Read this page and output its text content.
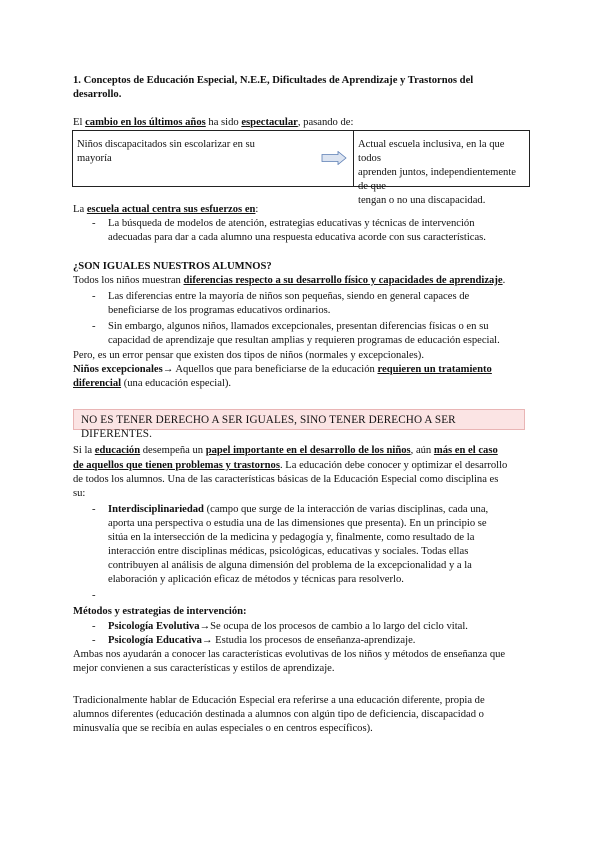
1. Conceptos de Educación Especial, N.E.E, Dificultades de Aprendizaje y Trastornos del
desarrollo.
El cambio en los últimos años ha sido espectacular, pasando de:
Niños discapacitados sin escolarizar en su
mayoría
Actual escuela inclusiva, en la que todos
aprenden juntos, independientemente de que
tengan o no una discapacidad.
La escuela actual centra sus esfuerzos en:
- La búsqueda de modelos de atención, estrategias educativas y técnicas de intervención
adecuadas para dar a cada alumno una respuesta educativa acorde con sus características.
¿SON IGUALES NUESTROS ALUMNOS?
Todos los niños muestran diferencias respecto a su desarrollo físico y capacidades de aprendizaje.
- Las diferencias entre la mayoría de niños son pequeñas, siendo en general capaces de
beneficiarse de los programas educativos ordinarios.
- Sin embargo, algunos niños, llamados excepcionales, presentan diferencias físicas o en su
capacidad de aprendizaje que resultan amplias y requieren programas de educación especial.
Pero, es un error pensar que existen dos tipos de niños (normales y excepcionales).
Niños excepcionales→ Aquellos que para beneficiarse de la educación requieren un tratamiento
diferencial (una educación especial).
NO ES TENER DERECHO A SER IGUALES, SINO TENER DERECHO A SER DIFERENTES.
Si la educación desempeña un papel importante en el desarrollo de los niños, aún más en el caso
de aquellos que tienen problemas y trastornos. La educación debe conocer y optimizar el desarrollo
de todos los alumnos. Una de las características básicas de la Educación Especial como disciplina es
su:
- Interdisciplinariedad (campo que surge de la interacción de varias disciplinas, cada una,
aporta una perspectiva o estudia una de las dimensiones que presenta). En un principio se
sitúa en la intersección de la medicina y pedagogía y, finalmente, como resultado de la
interacción entre disciplinas médicas, psicológicas, educativas y sociales. Todas ellas
contribuyen al análisis de alguna dimensión del problema de la excepcionalidad y a la
elaboración y aplicación eficaz de métodos y técnicas para resolverlo.
-
Métodos y estrategias de intervención:
- Psicología Evolutiva→Se ocupa de los procesos de cambio a lo largo del ciclo vital.
- Psicología Educativa→ Estudia los procesos de enseñanza-aprendizaje.
Ambas nos ayudarán a conocer las características evolutivas de los niños y métodos de enseñanza que
mejor convienen a sus características y estilos de aprendizaje.
Tradicionalmente hablar de Educación Especial era referirse a una educación diferente, propia de
alumnos diferentes (educación destinada a alumnos con algún tipo de deficiencia, discapacidad o
minusvalía que se recibía en aulas especiales o en centros específicos).
